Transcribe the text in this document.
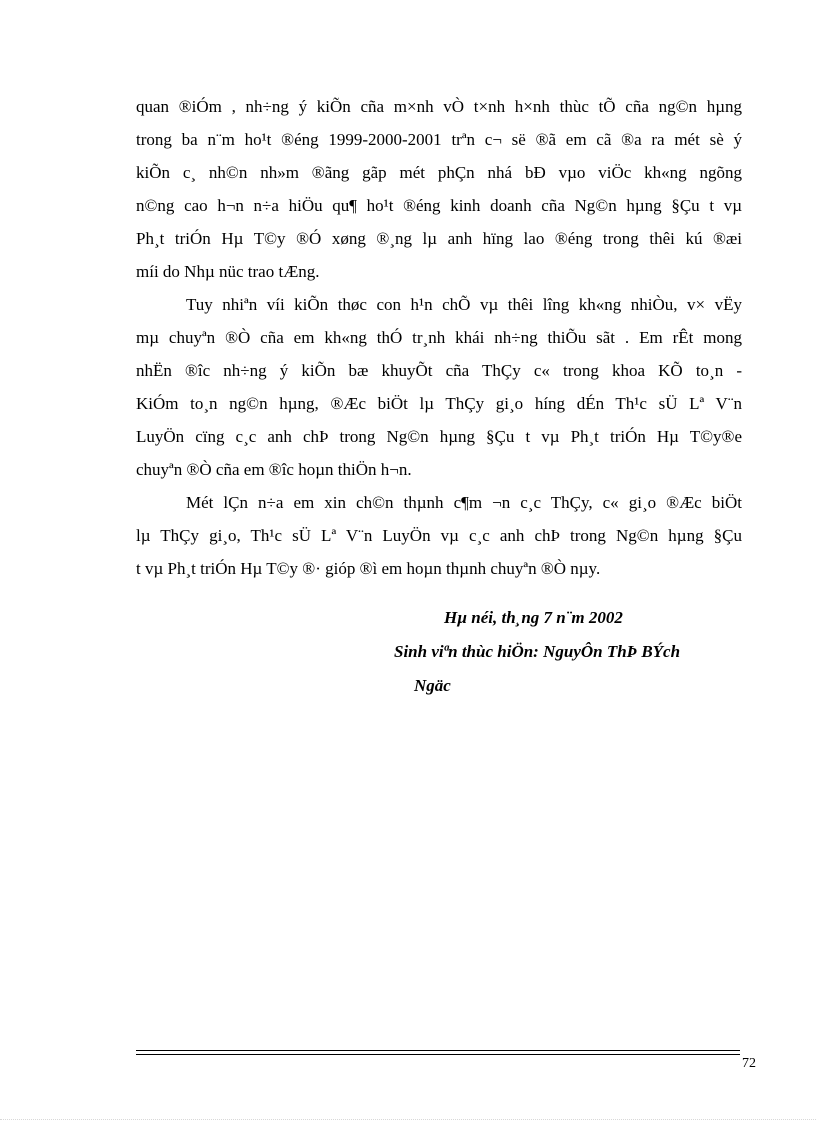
quan ®iÓm , nh÷ng ý kiÕn cña m×nh vÒ t×nh h×nh thùc tÕ cña ng©n hµng
trong ba n¨m ho¹t ®éng 1999-2000-2001 trªn c¬ së ®ã em cã ®a ra mét sè ý
kiÕn c¸ nh©n nh»m ®ãng gãp mét phÇn nhá bÐ vµo viÖc kh«ng ngõng
n©ng cao h¬n n÷a hiÖu qu¶ ho¹t ®éng kinh doanh cña Ng©n hµng §Çu t vµ
Ph¸t triÓn Hµ T©y ®Ó xøng ®¸ng lµ anh hïng lao ®éng trong thêi kú ®æi
míi do Nhµ nüc trao tÆng.
Tuy nhiªn víi kiÕn thøc con h¹n chÕ vµ thêi lîng kh«ng nhiÒu, v× vËy
mµ chuyªn ®Ò cña em kh«ng thÓ tr¸nh khái nh÷ng thiÕu sãt . Em rÊt mong
nhËn ®îc nh÷ng ý kiÕn bæ khuyÕt cña ThÇy c« trong khoa KÕ to¸n -
KiÓm to¸n ng©n hµng, ®Æc biÖt lµ ThÇy gi¸o híng dÉn Th¹c sÜ Lª V¨n
LuyÖn cïng c¸c anh chÞ trong Ng©n hµng §Çu t vµ Ph¸t triÓn Hµ T©y®e
chuyªn ®Ò cña em ®îc hoµn thiÖn h¬n.
Mét lÇn n÷a em xin ch©n thµnh c¶m ¬n c¸c ThÇy, c« gi¸o ®Æc biÖt
lµ ThÇy gi¸o, Th¹c sÜ Lª V¨n LuyÖn vµ c¸c anh chÞ trong Ng©n hµng §Çu
t vµ Ph¸t triÓn Hµ T©y ®· gióp ®ì em hoµn thµnh chuyªn ®Ò nµy.
Hµ néi, th¸ng 7 n¨m 2002
Sinh viªn thùc hiÖn: NguyÔn ThÞ BÝch
Ngäc
72
